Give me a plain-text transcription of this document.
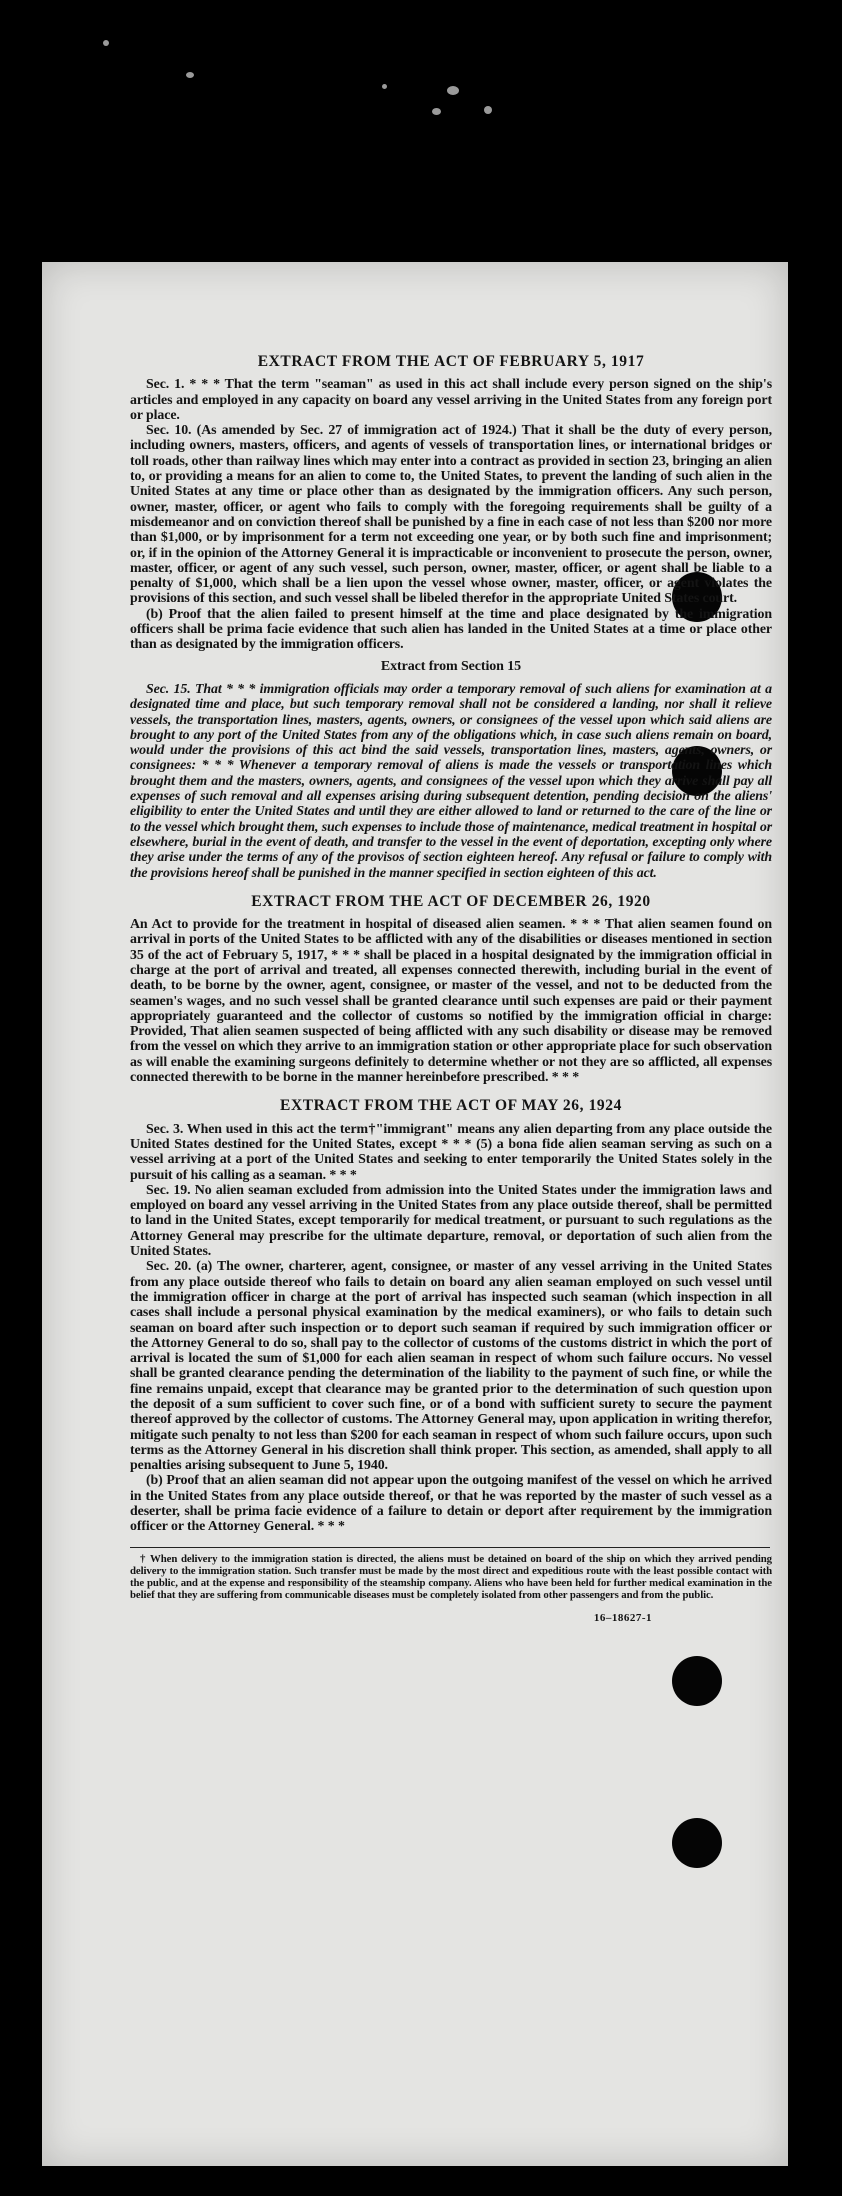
EXTRACT FROM THE ACT OF FEBRUARY 5, 1917

Sec. 1. * * * That the term "seaman" as used in this act shall include every person signed on the ship's articles and employed in any capacity on board any vessel arriving in the United States from any foreign port or place.

Sec. 10. (As amended by Sec. 27 of immigration act of 1924.) That it shall be the duty of every person, including owners, masters, officers, and agents of vessels of transportation lines, or international bridges or toll roads, other than railway lines which may enter into a contract as provided in section 23, bringing an alien to, or providing a means for an alien to come to, the United States, to prevent the landing of such alien in the United States at any time or place other than as designated by the immigration officers. Any such person, owner, master, officer, or agent who fails to comply with the foregoing requirements shall be guilty of a misdemeanor and on conviction thereof shall be punished by a fine in each case of not less than $200 nor more than $1,000, or by imprisonment for a term not exceeding one year, or by both such fine and imprisonment; or, if in the opinion of the Attorney General it is impracticable or inconvenient to prosecute the person, owner, master, officer, or agent of any such vessel, such person, owner, master, officer, or agent shall be liable to a penalty of $1,000, which shall be a lien upon the vessel whose owner, master, officer, or agent violates the provisions of this section, and such vessel shall be libeled therefor in the appropriate United States court.

(b) Proof that the alien failed to present himself at the time and place designated by the immigration officers shall be prima facie evidence that such alien has landed in the United States at a time or place other than as designated by the immigration officers.

Extract from Section 15

Sec. 15. That * * * immigration officials may order a temporary removal of such aliens for examination at a designated time and place, but such temporary removal shall not be considered a landing, nor shall it relieve vessels, the transportation lines, masters, agents, owners, or consignees of the vessel upon which said aliens are brought to any port of the United States from any of the obligations which, in case such aliens remain on board, would under the provisions of this act bind the said vessels, transportation lines, masters, agents, owners, or consignees: * * * Whenever a temporary removal of aliens is made the vessels or transportation lines which brought them and the masters, owners, agents, and consignees of the vessel upon which they arrive shall pay all expenses of such removal and all expenses arising during subsequent detention, pending decision on the aliens' eligibility to enter the United States and until they are either allowed to land or returned to the care of the line or to the vessel which brought them, such expenses to include those of maintenance, medical treatment in hospital or elsewhere, burial in the event of death, and transfer to the vessel in the event of deportation, excepting only where they arise under the terms of any of the provisos of section eighteen hereof. Any refusal or failure to comply with the provisions hereof shall be punished in the manner specified in section eighteen of this act.

EXTRACT FROM THE ACT OF DECEMBER 26, 1920

An Act to provide for the treatment in hospital of diseased alien seamen. * * * That alien seamen found on arrival in ports of the United States to be afflicted with any of the disabilities or diseases mentioned in section 35 of the act of February 5, 1917, * * * shall be placed in a hospital designated by the immigration official in charge at the port of arrival and treated, all expenses connected therewith, including burial in the event of death, to be borne by the owner, agent, consignee, or master of the vessel, and not to be deducted from the seamen's wages, and no such vessel shall be granted clearance until such expenses are paid or their payment appropriately guaranteed and the collector of customs so notified by the immigration official in charge: Provided, That alien seamen suspected of being afflicted with any such disability or disease may be removed from the vessel on which they arrive to an immigration station or other appropriate place for such observation as will enable the examining surgeons definitely to determine whether or not they are so afflicted, all expenses connected therewith to be borne in the manner hereinbefore prescribed. * * *

EXTRACT FROM THE ACT OF MAY 26, 1924

Sec. 3. When used in this act the term†"immigrant" means any alien departing from any place outside the United States destined for the United States, except * * * (5) a bona fide alien seaman serving as such on a vessel arriving at a port of the United States and seeking to enter temporarily the United States solely in the pursuit of his calling as a seaman. * * *

Sec. 19. No alien seaman excluded from admission into the United States under the immigration laws and employed on board any vessel arriving in the United States from any place outside thereof, shall be permitted to land in the United States, except temporarily for medical treatment, or pursuant to such regulations as the Attorney General may prescribe for the ultimate departure, removal, or deportation of such alien from the United States.

Sec. 20. (a) The owner, charterer, agent, consignee, or master of any vessel arriving in the United States from any place outside thereof who fails to detain on board any alien seaman employed on such vessel until the immigration officer in charge at the port of arrival has inspected such seaman (which inspection in all cases shall include a personal physical examination by the medical examiners), or who fails to detain such seaman on board after such inspection or to deport such seaman if required by such immigration officer or the Attorney General to do so, shall pay to the collector of customs of the customs district in which the port of arrival is located the sum of $1,000 for each alien seaman in respect of whom such failure occurs. No vessel shall be granted clearance pending the determination of the liability to the payment of such fine, or while the fine remains unpaid, except that clearance may be granted prior to the determination of such question upon the deposit of a sum sufficient to cover such fine, or of a bond with sufficient surety to secure the payment thereof approved by the collector of customs. The Attorney General may, upon application in writing therefor, mitigate such penalty to not less than $200 for each seaman in respect of whom such failure occurs, upon such terms as the Attorney General in his discretion shall think proper. This section, as amended, shall apply to all penalties arising subsequent to June 5, 1940.

(b) Proof that an alien seaman did not appear upon the outgoing manifest of the vessel on which he arrived in the United States from any place outside thereof, or that he was reported by the master of such vessel as a deserter, shall be prima facie evidence of a failure to detain or deport after requirement by the immigration officer or the Attorney General. * * *

† When delivery to the immigration station is directed, the aliens must be detained on board of the ship on which they arrived pending delivery to the immigration station. Such transfer must be made by the most direct and expeditious route with the least possible contact with the public, and at the expense and responsibility of the steamship company. Aliens who have been held for further medical examination in the belief that they are suffering from communicable diseases must be completely isolated from other passengers and from the public.

16–18627-1
